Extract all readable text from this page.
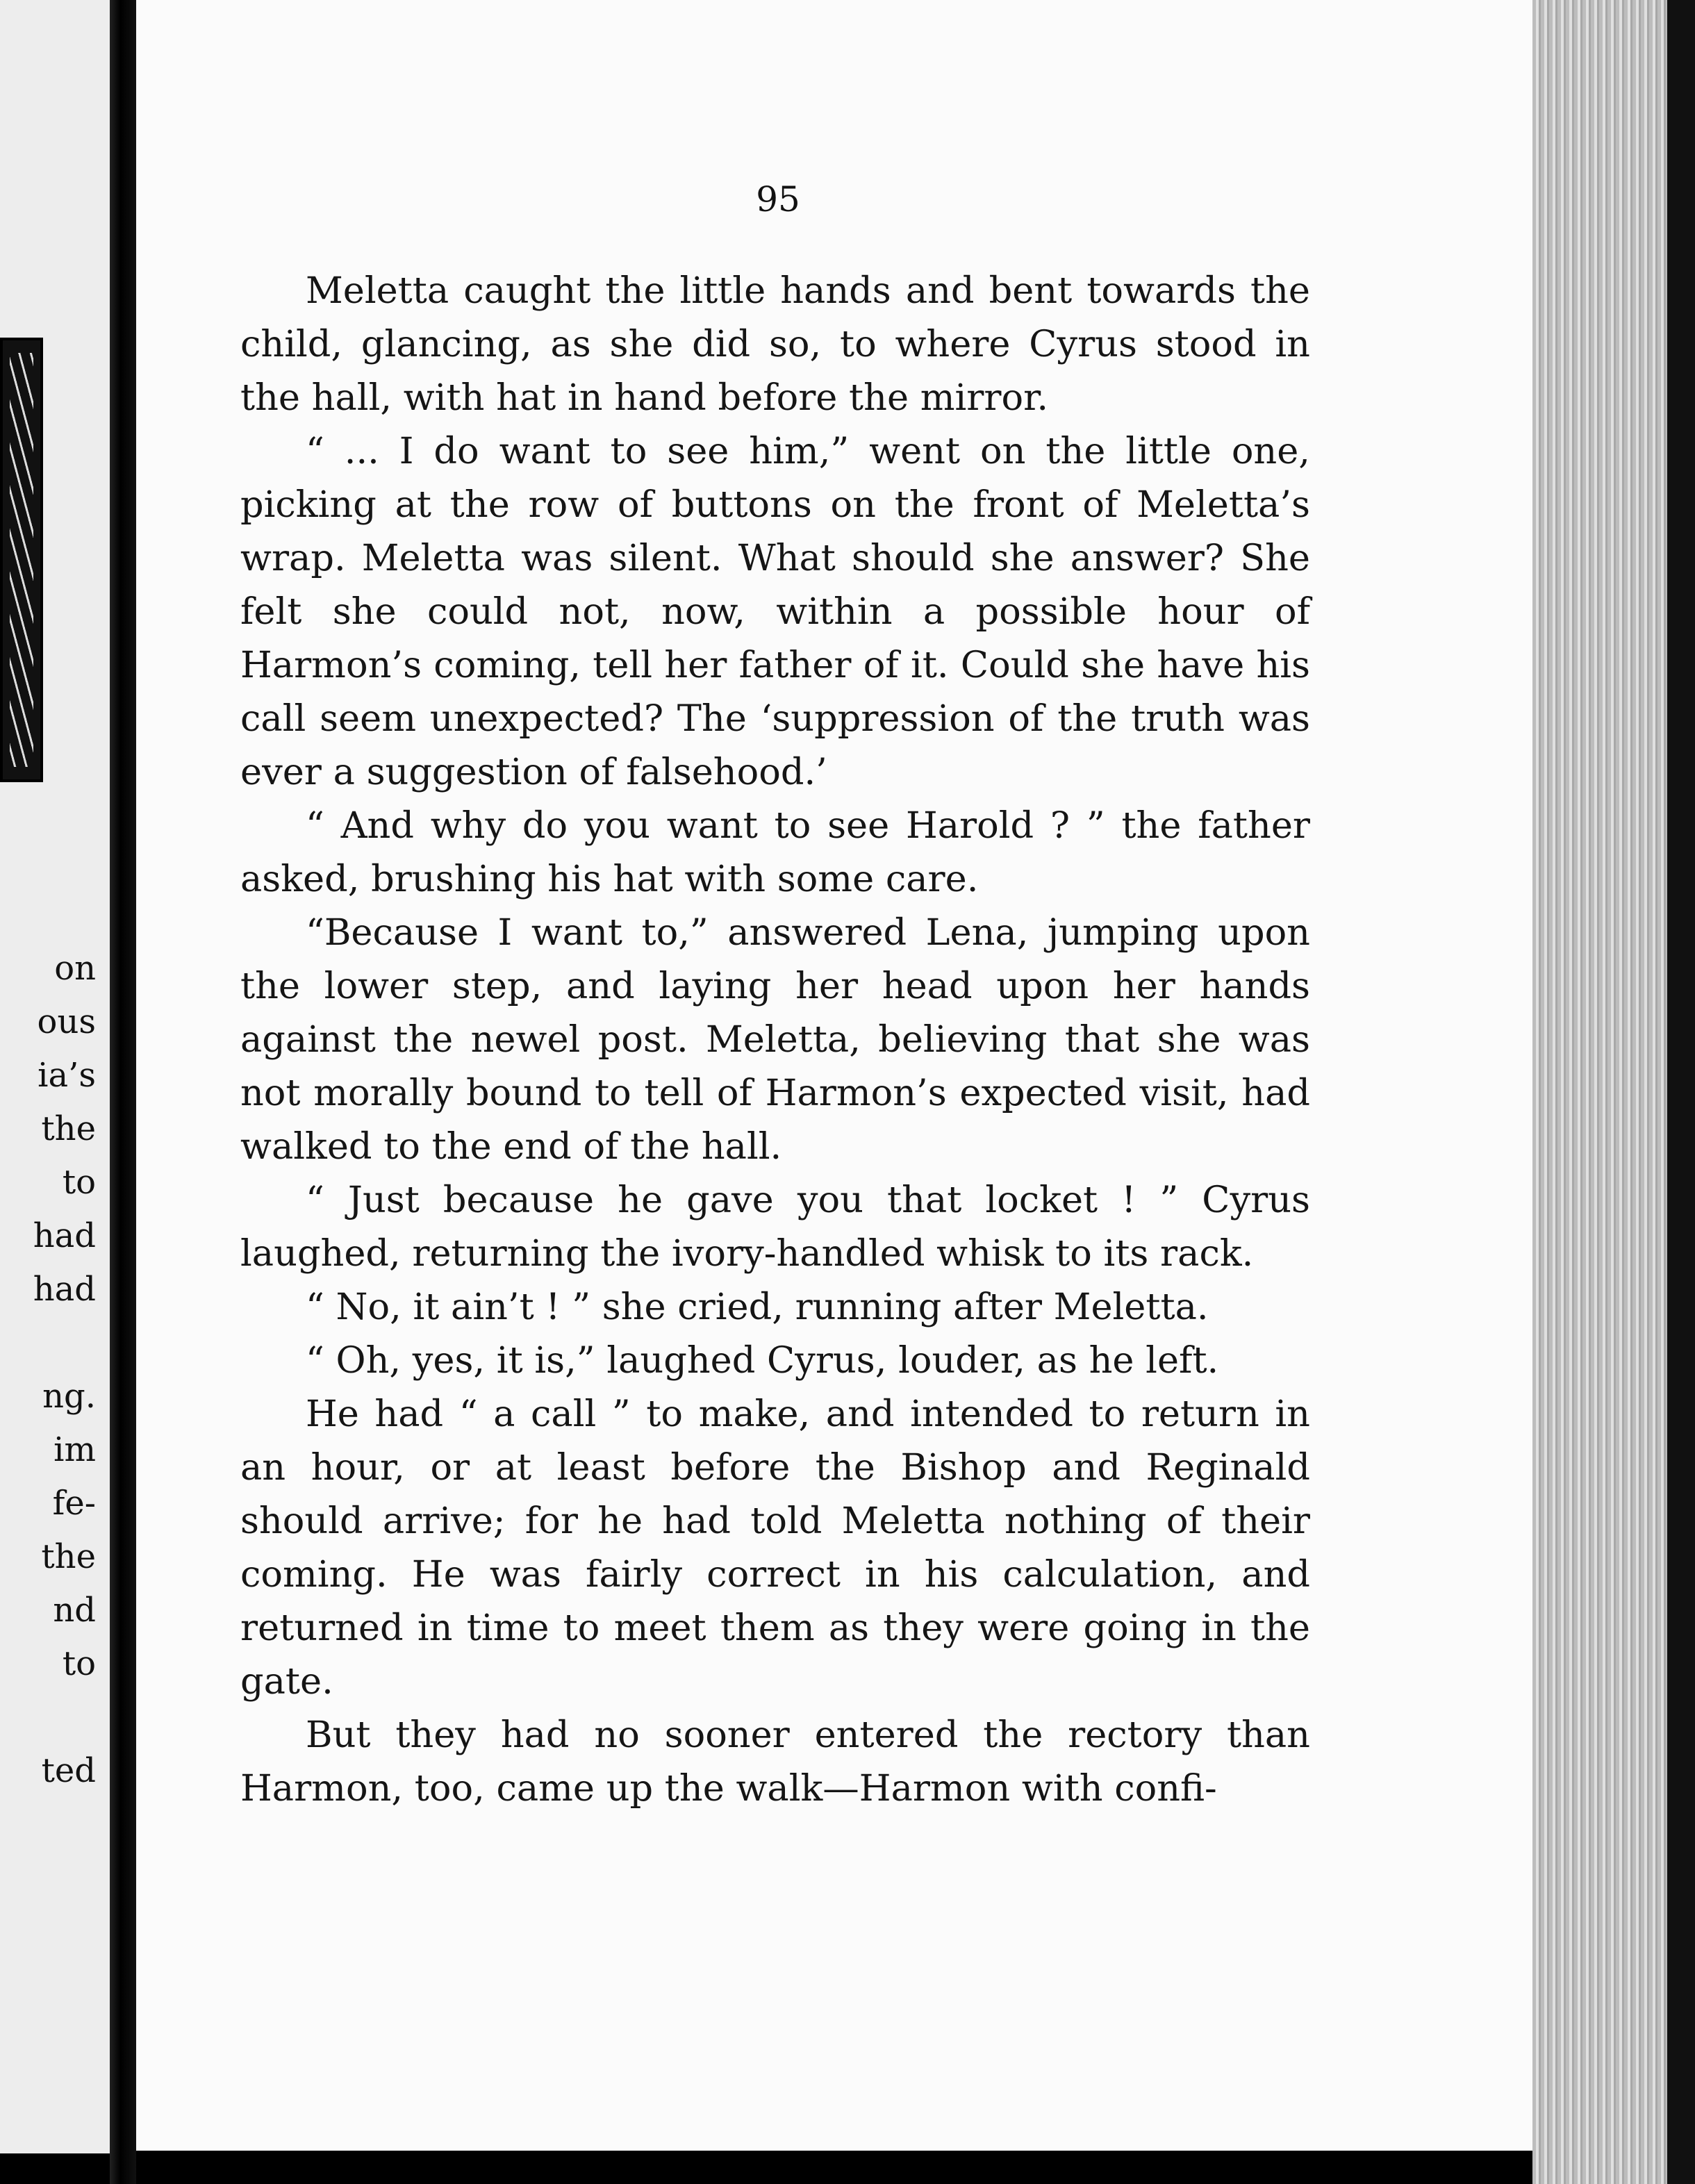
on
ous
ia’s
the
to
had
had
ng.
im
fe-
the
nd
to
ted
95

Meletta caught the little hands and bent towards the child, glancing, as she did so, to where Cyrus stood in the hall, with hat in hand before the mirror.

“ ... I do want to see him,” went on the little one, picking at the row of buttons on the front of Meletta’s wrap. Meletta was silent. What should she answer? She felt she could not, now, within a possible hour of Harmon’s coming, tell her father of it. Could she have his call seem unexpected? The ‘suppression of the truth was ever a suggestion of falsehood.’

“ And why do you want to see Harold ? ” the father asked, brushing his hat with some care.

“Because I want to,” answered Lena, jumping upon the lower step, and laying her head upon her hands against the newel post. Meletta, believing that she was not morally bound to tell of Harmon’s expected visit, had walked to the end of the hall.

“ Just because he gave you that locket ! ” Cyrus laughed, returning the ivory-handled whisk to its rack.

“ No, it ain’t ! ” she cried, running after Meletta.

“ Oh, yes, it is,” laughed Cyrus, louder, as he left.

He had “ a call ” to make, and intended to return in an hour, or at least before the Bishop and Reginald should arrive; for he had told Meletta nothing of their coming. He was fairly correct in his calculation, and returned in time to meet them as they were going in the gate.

But they had no sooner entered the rectory than Harmon, too, came up the walk—Harmon with confi-
